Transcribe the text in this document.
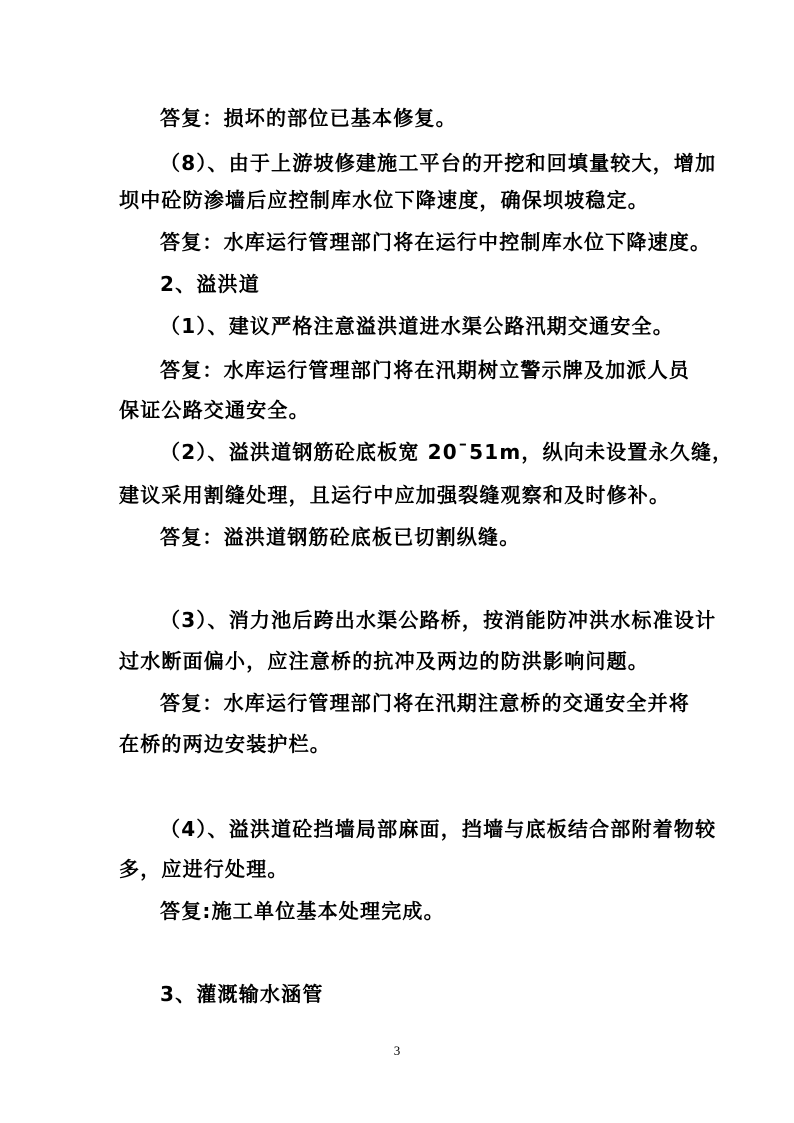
答复：损坏的部位已基本修复。
（8）、由于上游坡修建施工平台的开挖和回填量较大，增加
坝中砼防渗墙后应控制库水位下降速度，确保坝坡稳定。
答复：水库运行管理部门将在运行中控制库水位下降速度。
2、溢洪道
（1）、建议严格注意溢洪道进水渠公路汛期交通安全。
答复：水库运行管理部门将在汛期树立警示牌及加派人员
保证公路交通安全。
（2）、溢洪道钢筋砼底板宽 20¯51m，纵向未设置永久缝，
建议采用割缝处理，且运行中应加强裂缝观察和及时修补。
答复：溢洪道钢筋砼底板已切割纵缝。
（3）、消力池后跨出水渠公路桥，按消能防冲洪水标准设计
过水断面偏小，应注意桥的抗冲及两边的防洪影响问题。
答复：水库运行管理部门将在汛期注意桥的交通安全并将
在桥的两边安装护栏。
（4）、溢洪道砼挡墙局部麻面，挡墙与底板结合部附着物较
多，应进行处理。
答复:施工单位基本处理完成。
3、灌溉输水涵管
3
